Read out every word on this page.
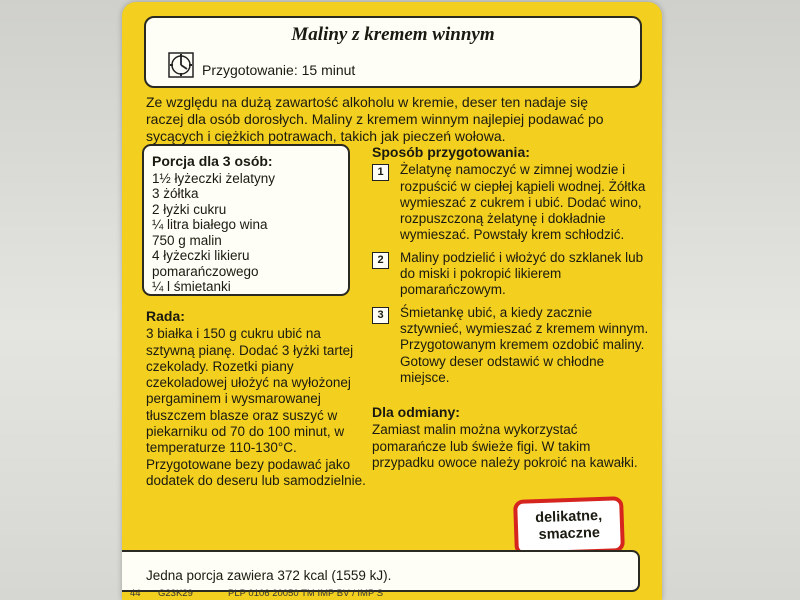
Maliny z kremem winnym
Przygotowanie: 15 minut
Ze względu na dużą zawartość alkoholu w kremie, deser ten nadaje się raczej dla osób dorosłych. Maliny z kremem winnym najlepiej podawać po sycących i ciężkich potrawach, takich jak pieczeń wołowa.
Porcja dla 3 osób:
1½ łyżeczki żelatyny
3 żółtka
2 łyżki cukru
¼ litra białego wina
750 g malin
4 łyżeczki likieru
pomarańczowego
¼ l śmietanki
Rada:
3 białka i 150 g cukru ubić na sztywną pianę. Dodać 3 łyżki tartej czekolady. Rozetki piany czekoladowej ułożyć na wyłożonej pergaminem i wysmarowanej tłuszczem blasze oraz suszyć w piekarniku od 70 do 100 minut, w temperaturze 110-130°C. Przygotowane bezy podawać jako dodatek do deseru lub samodzielnie.
Sposób przygotowania:
1	Żelatynę namoczyć w zimnej wodzie i rozpuścić w ciepłej kąpieli wodnej. Żółtka wymieszać z cukrem i ubić. Dodać wino, rozpuszczoną żelatynę i dokładnie wymieszać. Powstały krem schłodzić.
2	Maliny podzielić i włożyć do szklanek lub do miski i pokropić likierem pomarańczowym.
3	Śmietankę ubić, a kiedy zacznie sztywnieć, wymieszać z kremem winnym. Przygotowanym kremem ozdobić maliny. Gotowy deser odstawić w chłodne miejsce.
Dla odmiany:
Zamiast malin można wykorzystać pomarańcze lub świeże figi. W takim przypadku owoce należy pokroić na kawałki.
delikatne,
smaczne
Jedna porcja zawiera 372 kcal (1559 kJ).
44 G23K29	PLP 0106 20050 TM IMP BV / IMP S
